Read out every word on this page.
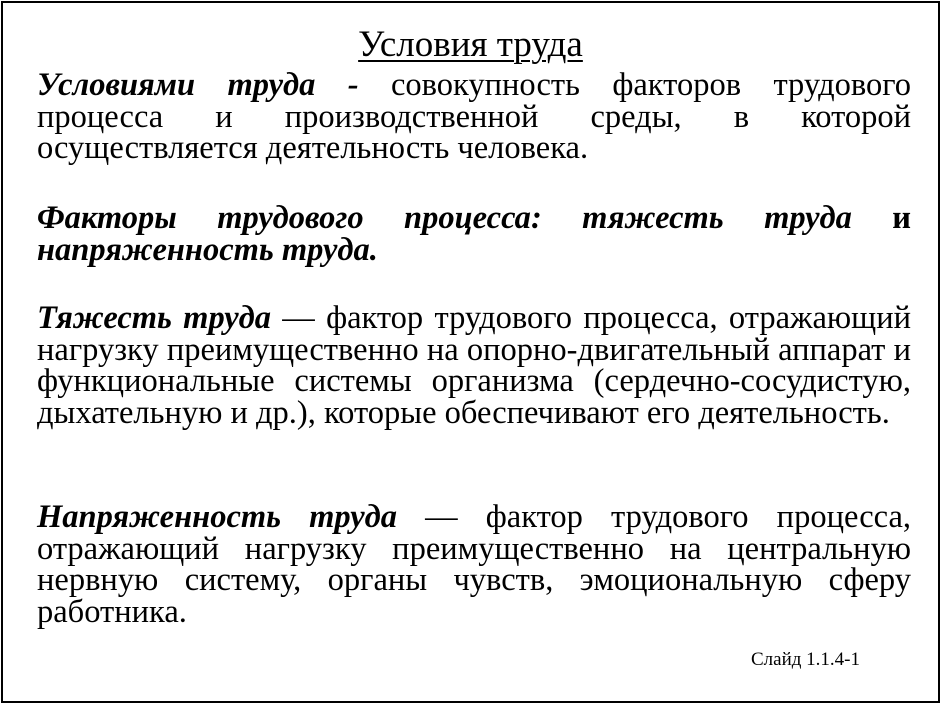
Условия труда

Условиями труда - совокупность факторов трудового процесса и производственной среды, в которой осуществляется деятельность человека.

Факторы трудового процесса: тяжесть труда и напряженность труда.

Тяжесть труда — фактор трудового процесса, отражающий нагрузку преимущественно на опорно-двигательный аппарат и функциональные системы организма (сердечно-сосудистую, дыхательную и др.), которые обеспечивают его деятельность.

Напряженность труда — фактор трудового процесса, отражающий нагрузку преимущественно на центральную нервную систему, органы чувств, эмоциональную сферу работника.

Слайд 1.1.4-1
